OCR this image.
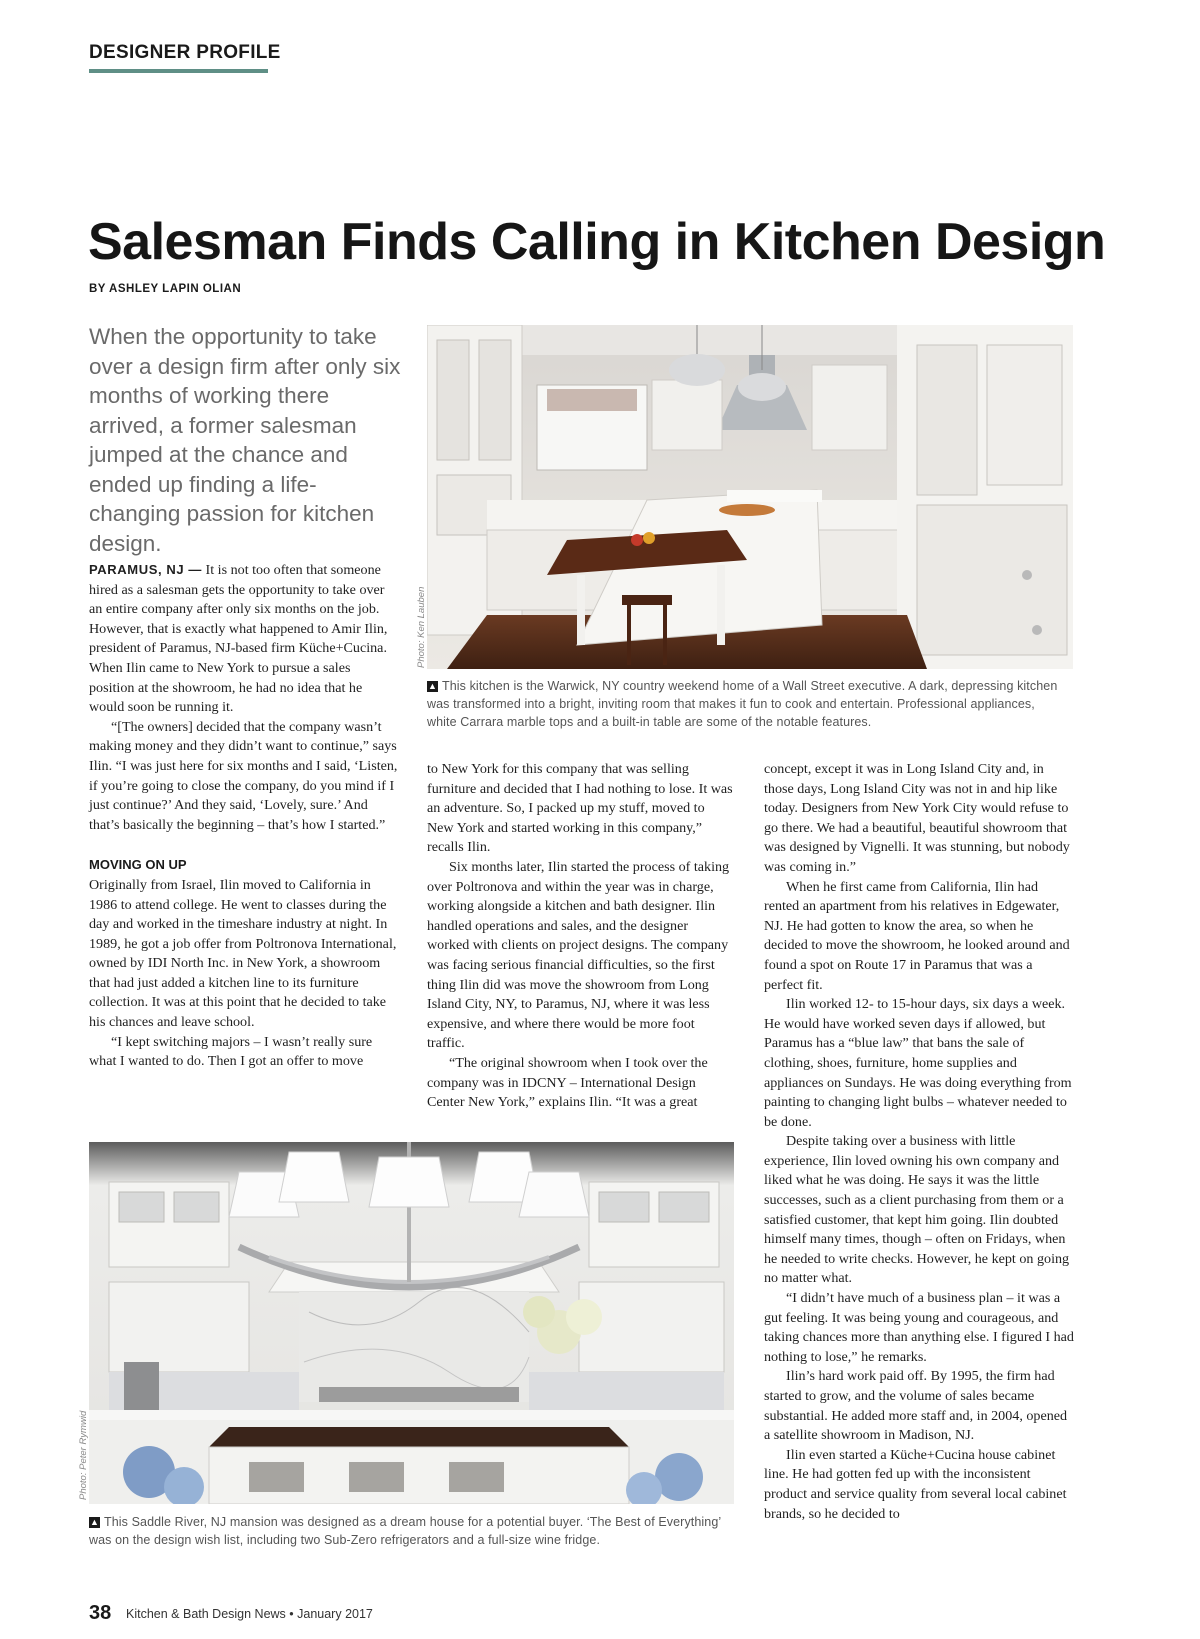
DESIGNER PROFILE
Salesman Finds Calling in Kitchen Design
BY ASHLEY LAPIN OLIAN
When the opportunity to take over a design firm after only six months of working there arrived, a former salesman jumped at the chance and ended up finding a life-changing passion for kitchen design.
Photo: Ken Lauben
▲ This kitchen is the Warwick, NY country weekend home of a Wall Street executive. A dark, depressing kitchen was transformed into a bright, inviting room that makes it fun to cook and entertain. Professional appliances, white Carrara marble tops and a built-in table are some of the notable features.

PARAMUS, NJ — It is not too often that someone hired as a salesman gets the opportunity to take over an entire company after only six months on the job. However, that is exactly what happened to Amir Ilin, president of Paramus, NJ-based firm Küche+Cucina. When Ilin came to New York to pursue a sales position at the showroom, he had no idea that he would soon be running it.

“[The owners] decided that the company wasn’t making money and they didn’t want to continue,” says Ilin. “I was just here for six months and I said, ‘Listen, if you’re going to close the company, do you mind if I just continue?’ And they said, ‘Lovely, sure.’ And that’s basically the beginning – that’s how I started.”

MOVING ON UP

Originally from Israel, Ilin moved to California in 1986 to attend college. He went to classes during the day and worked in the timeshare industry at night. In 1989, he got a job offer from Poltronova International, owned by IDI North Inc. in New York, a showroom that had just added a kitchen line to its furniture collection. It was at this point that he decided to take his chances and leave school.

“I kept switching majors – I wasn’t really sure what I wanted to do. Then I got an offer to move

to New York for this company that was selling furniture and decided that I had nothing to lose. It was an adventure. So, I packed up my stuff, moved to New York and started working in this company,” recalls Ilin.

Six months later, Ilin started the process of taking over Poltronova and within the year was in charge, working alongside a kitchen and bath designer. Ilin handled operations and sales, and the designer worked with clients on project designs. The company was facing serious financial difficulties, so the first thing Ilin did was move the showroom from Long Island City, NY, to Paramus, NJ, where it was less expensive, and where there would be more foot traffic.

“The original showroom when I took over the company was in IDCNY – International Design Center New York,” explains Ilin. “It was a great

concept, except it was in Long Island City and, in those days, Long Island City was not in and hip like today. Designers from New York City would refuse to go there. We had a beautiful, beautiful showroom that was designed by Vignelli. It was stunning, but nobody was coming in.”

When he first came from California, Ilin had rented an apartment from his relatives in Edgewater, NJ. He had gotten to know the area, so when he decided to move the showroom, he looked around and found a spot on Route 17 in Paramus that was a perfect fit.

Ilin worked 12- to 15-hour days, six days a week. He would have worked seven days if allowed, but Paramus has a “blue law” that bans the sale of clothing, shoes, furniture, home supplies and appliances on Sundays. He was doing everything from painting to changing light bulbs – whatever needed to be done.

Despite taking over a business with little experience, Ilin loved owning his own company and liked what he was doing. He says it was the little successes, such as a client purchasing from them or a satisfied customer, that kept him going. Ilin doubted himself many times, though – often on Fridays, when he needed to write checks. However, he kept on going no matter what.

“I didn’t have much of a business plan – it was a gut feeling. It was being young and courageous, and taking chances more than anything else. I figured I had nothing to lose,” he remarks.

Ilin’s hard work paid off. By 1995, the firm had started to grow, and the volume of sales became substantial. He added more staff and, in 2004, opened a satellite showroom in Madison, NJ.

Ilin even started a Küche+Cucina house cabinet line. He had gotten fed up with the inconsistent product and service quality from several local cabinet brands, so he decided to

Photo: Peter Rymwid
▲ This Saddle River, NJ mansion was designed as a dream house for a potential buyer. ‘The Best of Everything’ was on the design wish list, including two Sub-Zero refrigerators and a full-size wine fridge.
38 Kitchen & Bath Design News • January 2017
